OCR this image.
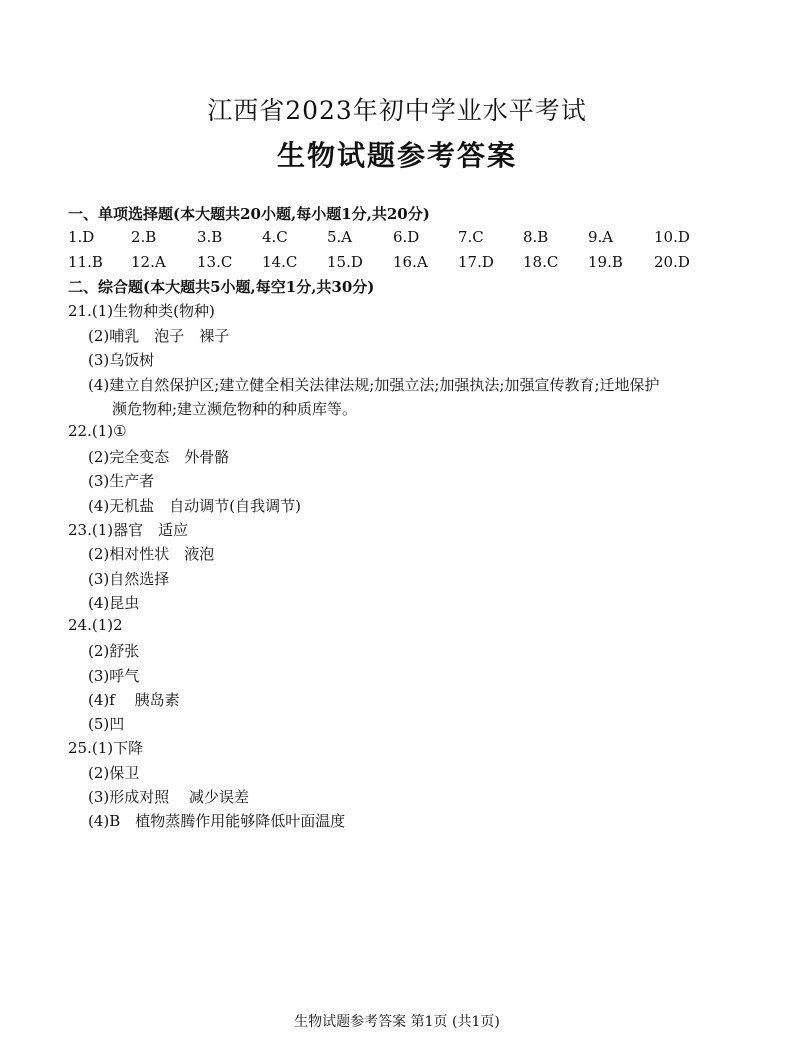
江西省2023年初中学业水平考试
生物试题参考答案
一、单项选择题(本大题共20小题,每小题1分,共20分)
1.D 2.B	3.B	4.C	5.A	6.D	7.C	8.B	9.A	10.D
11.B 12.A 13.C 14.C 15.D 16.A 17.D 18.C 19.B 20.D
二、综合题(本大题共5小题,每空1分,共30分)
21.(1)生物种类(物种)
(2)哺乳　泡子　裸子
(3)乌饭树
(4)建立自然保护区;建立健全相关法律法规;加强立法;加强执法;加强宣传教育;迁地保护
濒危物种;建立濒危物种的种质库等。
22.(1)①
(2)完全变态　外骨骼
(3)生产者
(4)无机盐　自动调节(自我调节)
23.(1)器官　适应
(2)相对性状　液泡
(3)自然选择
(4)昆虫
24.(1)2
(2)舒张
(3)呼气
(4)f　 胰岛素
(5)凹
25.(1)下降
(2)保卫
(3)形成对照　 减少误差
(4)B　植物蒸腾作用能够降低叶面温度
生物试题参考答案 第1页 (共1页)
